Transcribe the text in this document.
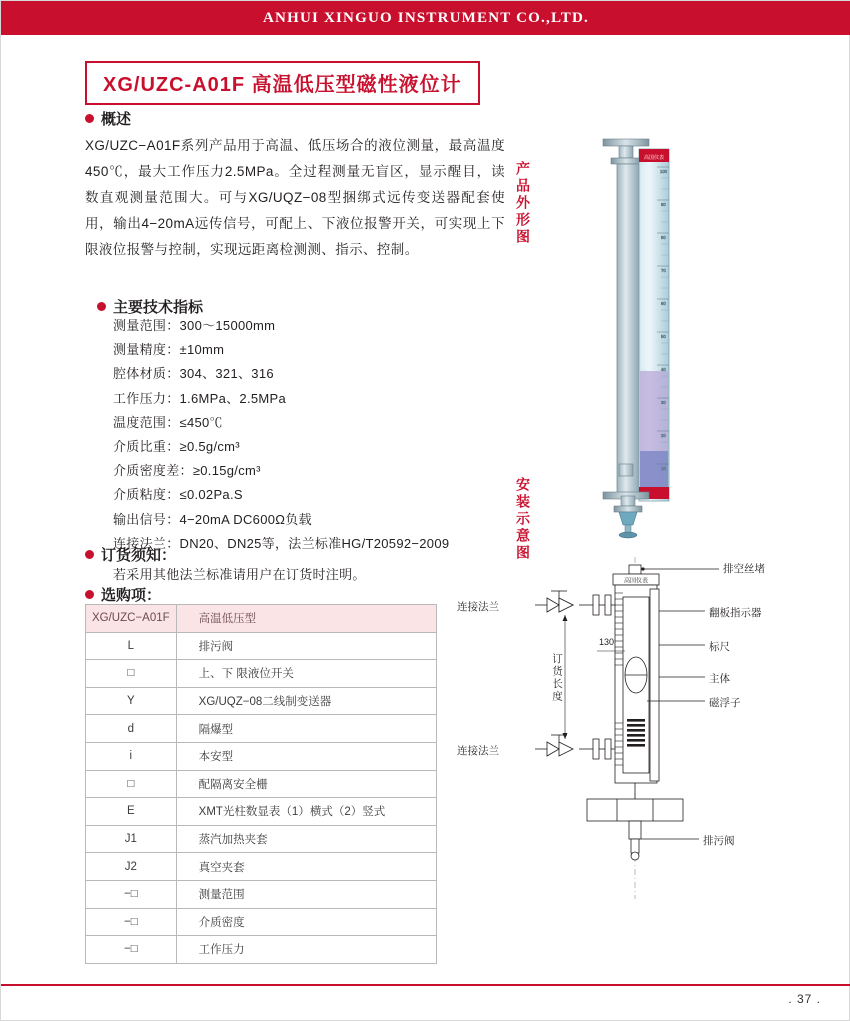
ANHUI XINGUO INSTRUMENT CO.,LTD.
XG/UZC-A01F 高温低压型磁性液位计
概述
XG/UZC−A01F系列产品用于高温、低压场合的液位测量，最高温度450℃，最大工作压力2.5MPa。全过程测量无盲区，显示醒目，读数直观测量范围大。可与XG/UQZ−08型捆绑式远传变送器配套使用，输出4−20mA远传信号，可配上、下液位报警开关，可实现上下限液位报警与控制，实现远距离检测测、指示、控制。
主要技术指标
测量范围：300～15000mm
测量精度：±10mm
腔体材质：304、321、316
工作压力：1.6MPa、2.5MPa
温度范围：≤450℃
介质比重：≥0.5g/cm³
介质密度差：≥0.15g/cm³
介质粘度：≤0.02Pa.S
输出信号：4−20mA DC600Ω负载
连接法兰：DN20、DN25等，法兰标准HG/T20592−2009
订货须知：
若采用其他法兰标准请用户在订货时注明。
选购项：
XG/UZC−A01F	高温低压型
L	排污阀
□	上、下 限液位开关
Y	XG/UQZ−08二线制变送器
d	隔爆型
i	本安型
□	配隔离安全栅
E	XMT光柱数显表（1）横式（2）竖式
J1	蒸汽加热夹套
J2	真空夹套
−□	测量范围
−□	介质密度
−□	工作压力
产品外形图
安装示意图
高国仪表
100
90
80
70
60
50
40
30
20
10
高国仪表
排空丝堵
翻板指示器
标尺
主体
磁浮子
连接法兰
连接法兰
排污阀
订货长度
130
. 37 .
